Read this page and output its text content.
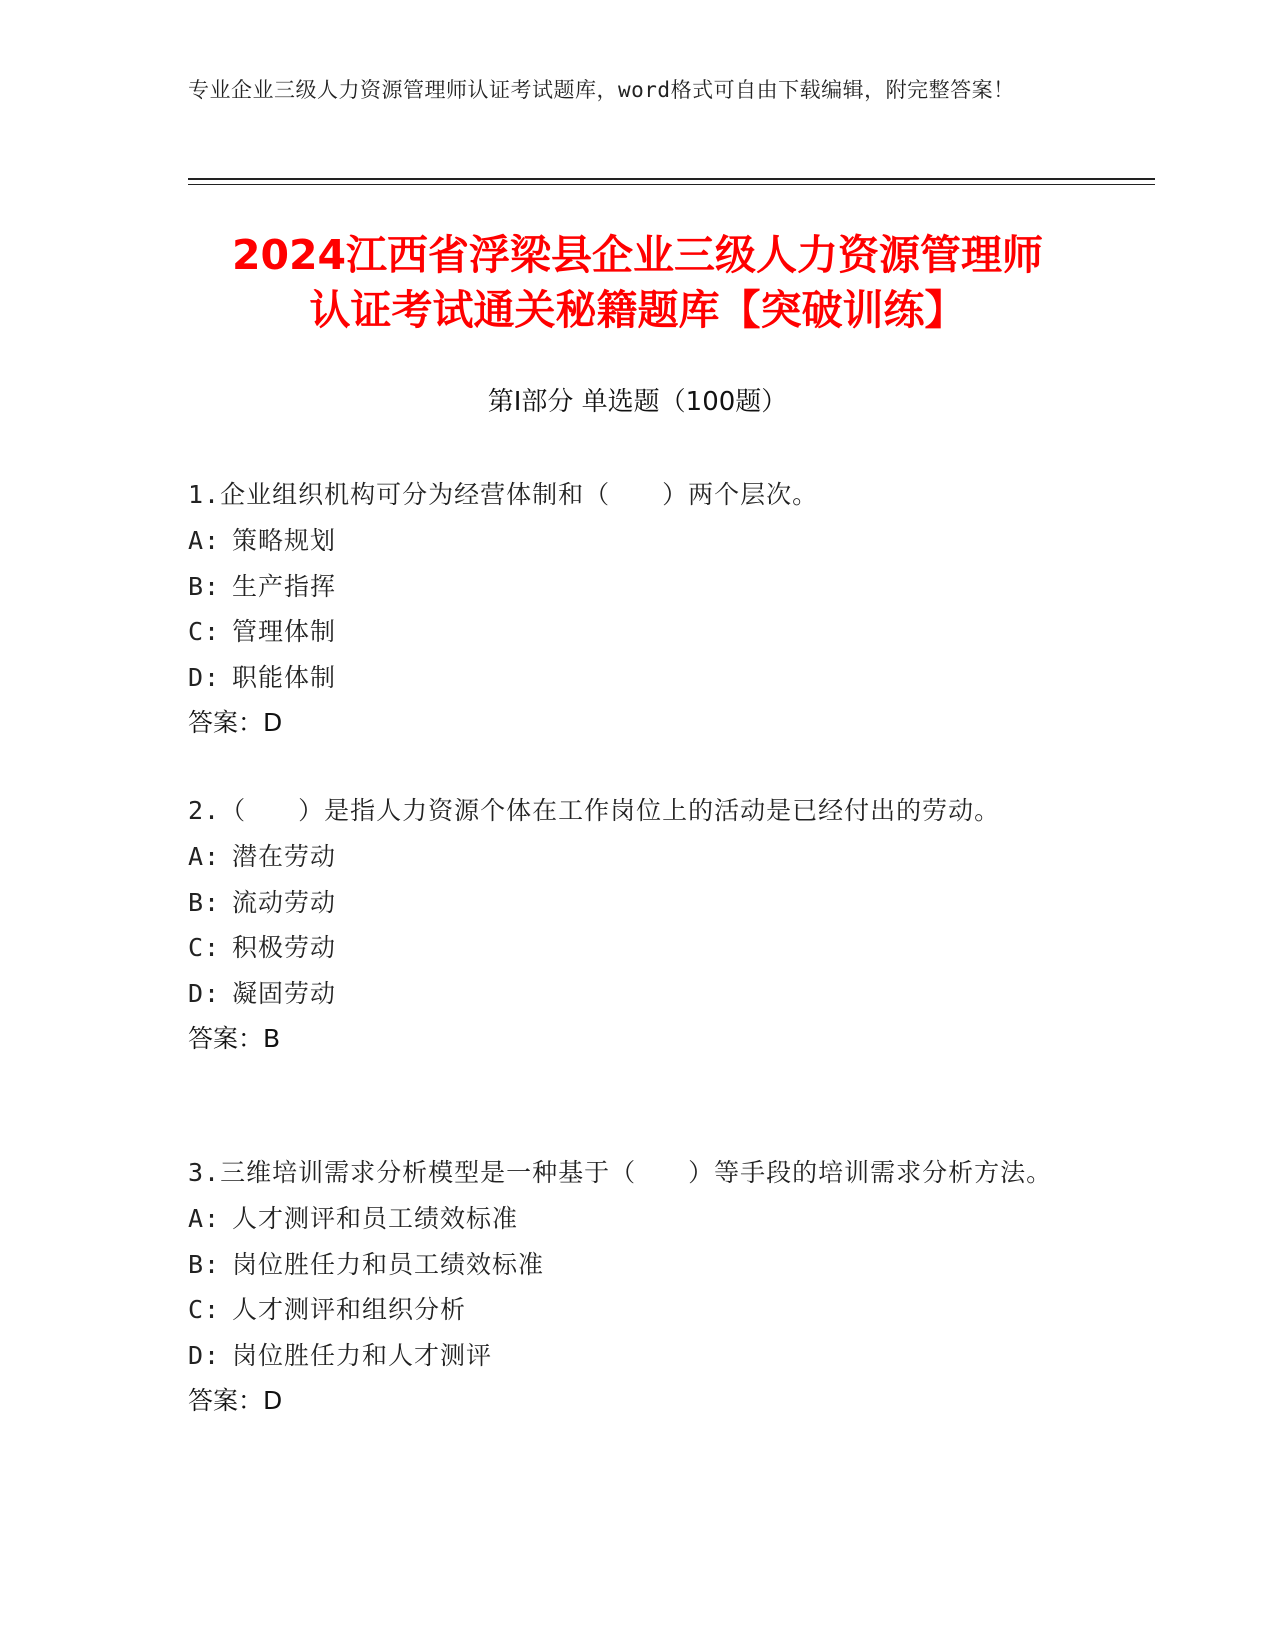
专业企业三级人力资源管理师认证考试题库，word格式可自由下载编辑，附完整答案！
2024江西省浮梁县企业三级人力资源管理师
认证考试通关秘籍题库【突破训练】
第Ⅰ部分 单选题（100题）
1.企业组织机构可分为经营体制和（　　）两个层次。
A: 策略规划
B: 生产指挥
C: 管理体制
D: 职能体制
答案：D
2.（　　）是指人力资源个体在工作岗位上的活动是已经付出的劳动。
A: 潜在劳动
B: 流动劳动
C: 积极劳动
D: 凝固劳动
答案：B
3.三维培训需求分析模型是一种基于（　　）等手段的培训需求分析方法。
A: 人才测评和员工绩效标准
B: 岗位胜任力和员工绩效标准
C: 人才测评和组织分析
D: 岗位胜任力和人才测评
答案：D
